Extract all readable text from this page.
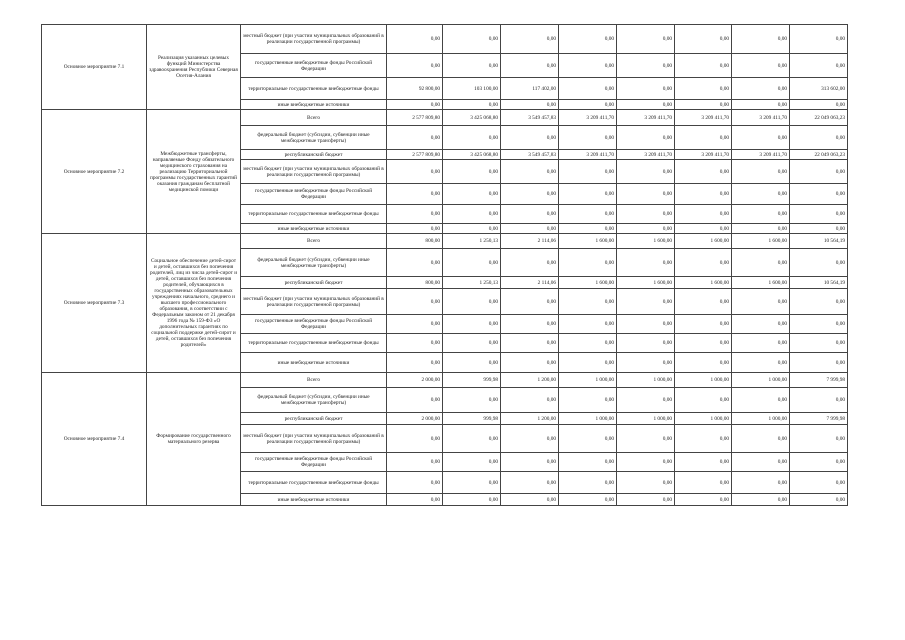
Основное мероприятие 7.1	Реализация указанных целевых функций Министерства здравоохранения Республики Северная Осетия-Алания	местный бюджет (при участии муниципальных образований в реализации государственной программы)	0,00	0,00	0,00	0,00	0,00	0,00	0,00	0,00
		государственные внебюджетные фонды Российской Федерации	0,00	0,00	0,00	0,00	0,00	0,00	0,00	0,00
		территориальные государственные внебюджетные фонды	92 800,00	103 100,00	117 402,00	0,00	0,00	0,00	0,00	313 602,00
		иные внебюджетные источники	0,00	0,00	0,00	0,00	0,00	0,00	0,00	0,00
Основное мероприятие 7.2	Межбюджетные трансферты, направляемые Фонду обязательного медицинского страхования на реализацию Территориальной программы государственных гарантий оказания гражданам бесплатной медицинской помощи	Всего	2 577 809,80	3 425 068,80	3 549 457,83	3 209 411,70	3 209 411,70	3 209 411,70	3 209 411,70	22 049 063,23
		федеральный бюджет (субсидии, субвенции иные межбюджетные трансферты)	0,00	0,00	0,00	0,00	0,00	0,00	0,00	0,00
		республиканский бюджет	2 577 809,80	3 425 068,80	3 549 457,83	3 209 411,70	3 209 411,70	3 209 411,70	3 209 411,70	22 049 063,23
		местный бюджет (при участии муниципальных образований в реализации государственной программы)	0,00	0,00	0,00	0,00	0,00	0,00	0,00	0,00
		государственные внебюджетные фонды Российской Федерации	0,00	0,00	0,00	0,00	0,00	0,00	0,00	0,00
		территориальные государственные внебюджетные фонды	0,00	0,00	0,00	0,00	0,00	0,00	0,00	0,00
		иные внебюджетные источники	0,00	0,00	0,00	0,00	0,00	0,00	0,00	0,00
Основное мероприятие 7.3	Социальное обеспечение детей-сирот и детей, оставшихся без попечения родителей, лиц из числа детей-сирот и детей, оставшихся без попечения родителей, обучающихся в государственных образовательных учреждениях начального, среднего и высшего профессионального образования, в соответствии с Федеральным законом от 21 декабря 1996 года № 159-ФЗ «О дополнительных гарантиях по социальной поддержке детей-сирот и детей, оставшихся без попечения родителей»	Всего	800,00	1 250,13	2 114,06	1 600,00	1 600,00	1 600,00	1 600,00	10 564,19
		федеральный бюджет (субсидии, субвенции иные межбюджетные трансферты)	0,00	0,00	0,00	0,00	0,00	0,00	0,00	0,00
		республиканский бюджет	800,00	1 250,13	2 114,06	1 600,00	1 600,00	1 600,00	1 600,00	10 564,19
		местный бюджет (при участии муниципальных образований в реализации государственной программы)	0,00	0,00	0,00	0,00	0,00	0,00	0,00	0,00
		государственные внебюджетные фонды Российской Федерации	0,00	0,00	0,00	0,00	0,00	0,00	0,00	0,00
		территориальные государственные внебюджетные фонды	0,00	0,00	0,00	0,00	0,00	0,00	0,00	0,00
		иные внебюджетные источники	0,00	0,00	0,00	0,00	0,00	0,00	0,00	0,00
Основное мероприятие 7.4	Формирование государственного материального резерва	Всего	2 000,00	999,98	1 200,00	1 000,00	1 000,00	1 000,00	1 000,00	7 999,98
		федеральный бюджет (субсидии, субвенции иные межбюджетные трансферты)	0,00	0,00	0,00	0,00	0,00	0,00	0,00	0,00
		республиканский бюджет	2 000,00	999,98	1 200,00	1 000,00	1 000,00	1 000,00	1 000,00	7 999,98
		местный бюджет (при участии муниципальных образований в реализации государственной программы)	0,00	0,00	0,00	0,00	0,00	0,00	0,00	0,00
		государственные внебюджетные фонды Российской Федерации	0,00	0,00	0,00	0,00	0,00	0,00	0,00	0,00
		территориальные государственные внебюджетные фонды	0,00	0,00	0,00	0,00	0,00	0,00	0,00	0,00
		иные внебюджетные источники	0,00	0,00	0,00	0,00	0,00	0,00	0,00	0,00
